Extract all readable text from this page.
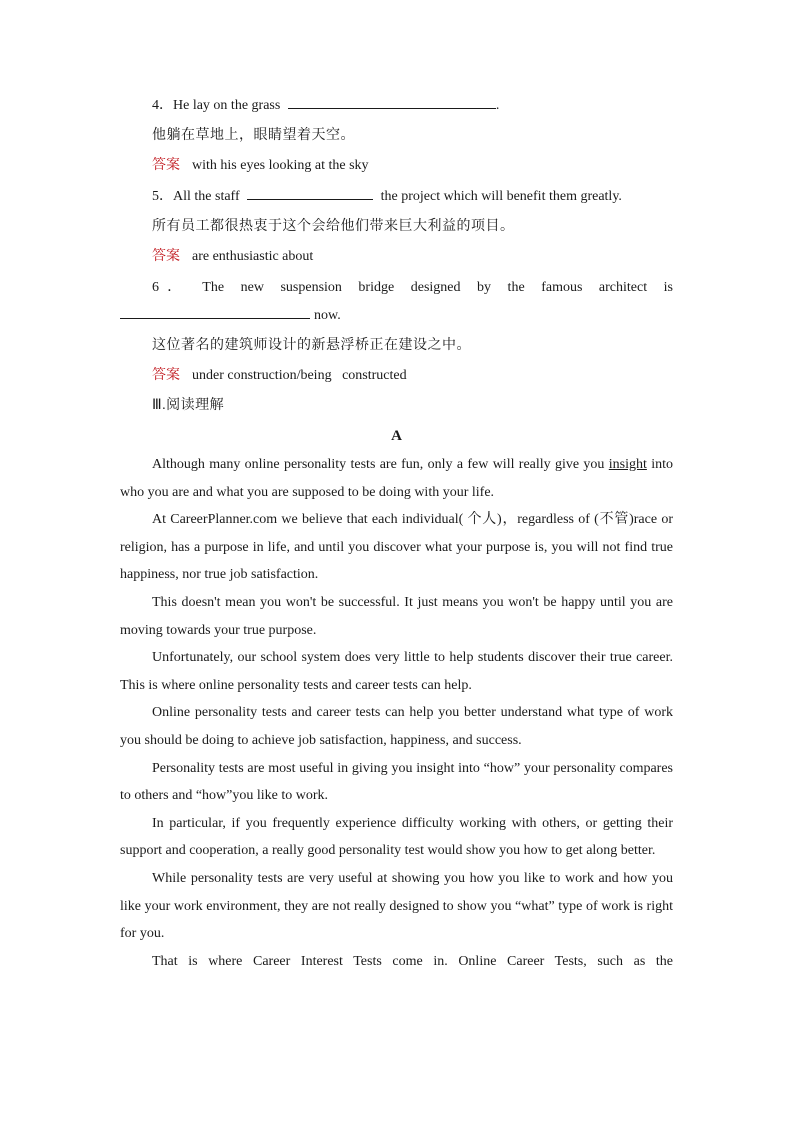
4．He lay on the grass	.
他躺在草地上，眼睛望着天空。
答案 with his eyes looking at the sky
5．All the staff	the project which will benefit them greatly.
所有员工都很热衷于这个会给他们带来巨大利益的项目。
答案 are enthusiastic about
6 ．  The  new  suspension  bridge  designed  by  the  famous  architect  is
now.
这位著名的建筑师设计的新悬浮桥正在建设之中。
答案 under construction/being   constructed
Ⅲ.阅读理解
A

Although many online personality tests are fun, only a few will really give you insight into who you are and what you are supposed to be doing with your life.

At CareerPlanner.com we believe that each individual( 个人)，regardless of (不管)race or religion, has a purpose in life, and until you discover what your purpose is, you will not find true happiness, nor true job satisfaction.

This doesn't mean you won't be successful. It just means you won't be happy until you are moving towards your true purpose.

Unfortunately, our school system does very little to help students discover their true career. This is where online personality tests and career tests can help.

Online personality tests and career tests can help you better understand what type of work you should be doing to achieve job satisfaction, happiness, and success.

Personality tests are most useful in giving you insight into “how” your personality compares to others and “how”you like to work.

In particular, if you frequently experience difficulty working with others, or getting their support and cooperation, a really good personality test would show you how to get along better.

While personality tests are very useful at showing you how you like to work and how you like your work environment, they are not really designed to show you “what” type of work is right for you.

That is where Career Interest Tests come in. Online Career Tests, such as the
